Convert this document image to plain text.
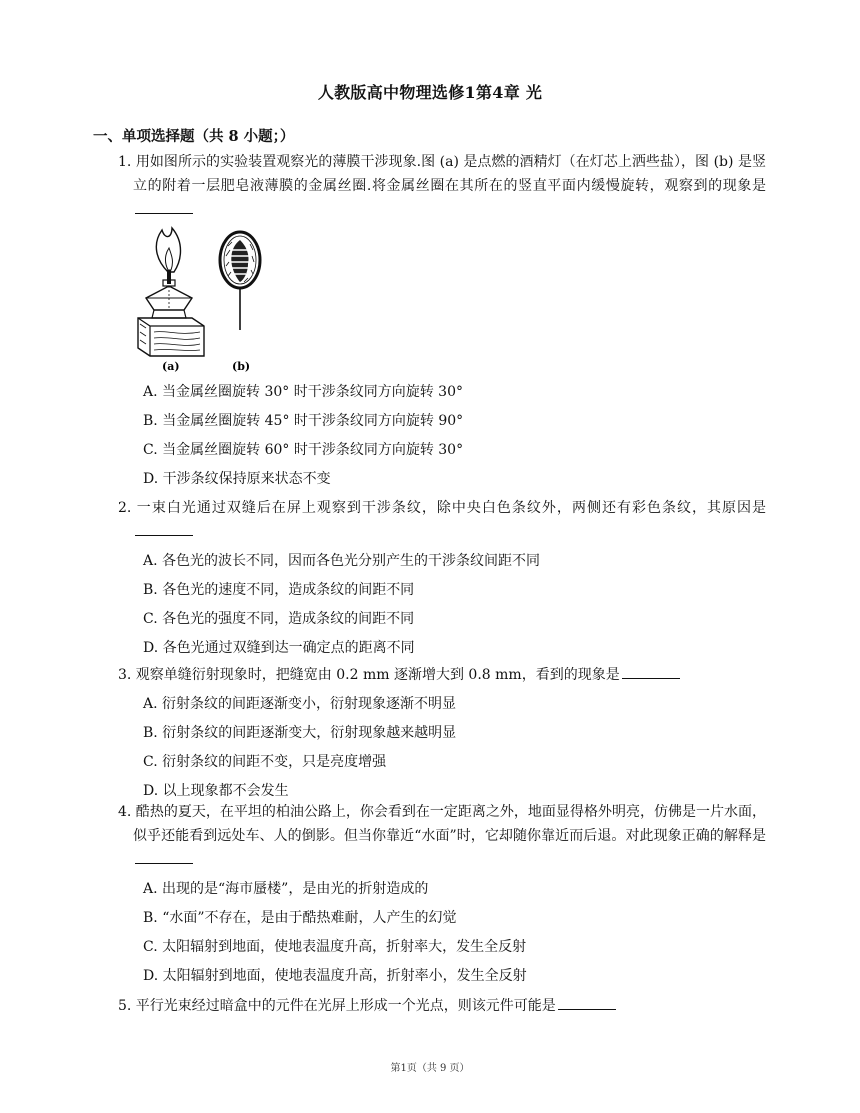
人教版高中物理选修1第4章 光
一、单项选择题（共 8 小题；）
1. 用如图所示的实验装置观察光的薄膜干涉现象.图 (a) 是点燃的酒精灯（在灯芯上洒些盐），图 (b) 是竖立的附着一层肥皂液薄膜的金属丝圈.将金属丝圈在其所在的竖直平面内缓慢旋转，观察到的现象是
(a)	(b)
A. 当金属丝圈旋转 30° 时干涉条纹同方向旋转 30°
B. 当金属丝圈旋转 45° 时干涉条纹同方向旋转 90°
C. 当金属丝圈旋转 60° 时干涉条纹同方向旋转 30°
D. 干涉条纹保持原来状态不变
2. 一束白光通过双缝后在屏上观察到干涉条纹，除中央白色条纹外，两侧还有彩色条纹，其原因是
A. 各色光的波长不同，因而各色光分别产生的干涉条纹间距不同
B. 各色光的速度不同，造成条纹的间距不同
C. 各色光的强度不同，造成条纹的间距不同
D. 各色光通过双缝到达一确定点的距离不同
3. 观察单缝衍射现象时，把缝宽由 0.2 mm 逐渐增大到 0.8 mm，看到的现象是
A. 衍射条纹的间距逐渐变小，衍射现象逐渐不明显
B. 衍射条纹的间距逐渐变大，衍射现象越来越明显
C. 衍射条纹的间距不变，只是亮度增强
D. 以上现象都不会发生
4. 酷热的夏天，在平坦的柏油公路上，你会看到在一定距离之外，地面显得格外明亮，仿佛是一片水面，似乎还能看到远处车、人的倒影。但当你靠近“水面”时，它却随你靠近而后退。对此现象正确的解释是
A. 出现的是“海市蜃楼”，是由光的折射造成的
B. “水面”不存在，是由于酷热难耐，人产生的幻觉
C. 太阳辐射到地面，使地表温度升高，折射率大，发生全反射
D. 太阳辐射到地面，使地表温度升高，折射率小，发生全反射
5. 平行光束经过暗盒中的元件在光屏上形成一个光点，则该元件可能是
第1页（共 9 页）
